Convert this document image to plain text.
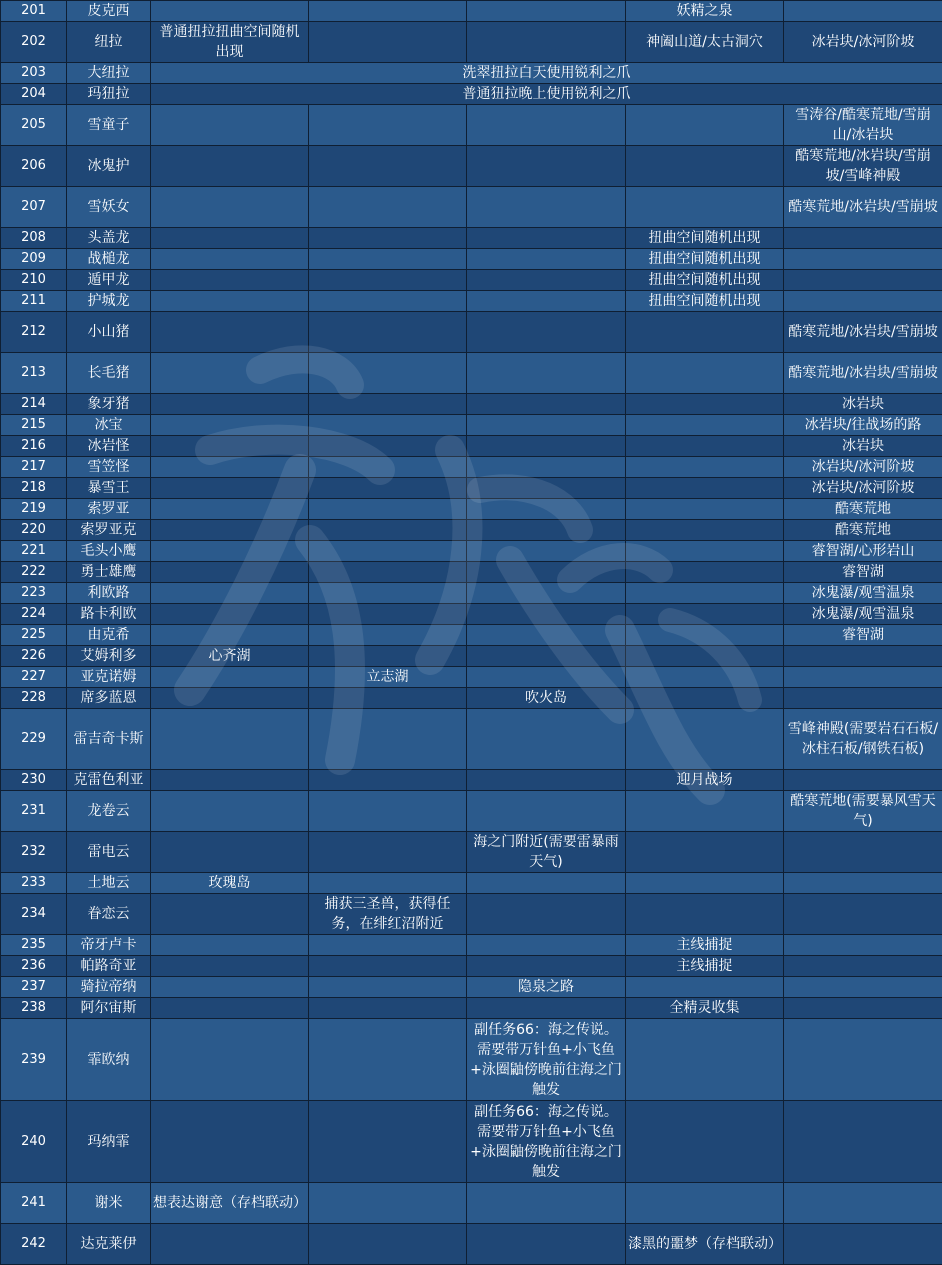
201	皮克西				妖精之泉	
202	纽拉	普通扭拉扭曲空间随机出现			神阖山道/太古洞穴	冰岩块/冰河阶坡
203	大纽拉	洗翠扭拉白天使用锐利之爪				
204	玛狃拉	普通狃拉晚上使用锐利之爪				
205	雪童子					雪涛谷/酷寒荒地/雪崩山/冰岩块
206	冰鬼护					酷寒荒地/冰岩块/雪崩坡/雪峰神殿
207	雪妖女					酷寒荒地/冰岩块/雪崩坡
208	头盖龙				扭曲空间随机出现	
209	战槌龙				扭曲空间随机出现	
210	遁甲龙				扭曲空间随机出现	
211	护城龙				扭曲空间随机出现	
212	小山猪					酷寒荒地/冰岩块/雪崩坡
213	长毛猪					酷寒荒地/冰岩块/雪崩坡
214	象牙猪					冰岩块
215	冰宝					冰岩块/往战场的路
216	冰岩怪					冰岩块
217	雪笠怪					冰岩块/冰河阶坡
218	暴雪王					冰岩块/冰河阶坡
219	索罗亚					酷寒荒地
220	索罗亚克					酷寒荒地
221	毛头小鹰					睿智湖/心形岩山
222	勇士雄鹰					睿智湖
223	利欧路					冰鬼瀑/观雪温泉
224	路卡利欧					冰鬼瀑/观雪温泉
225	由克希					睿智湖
226	艾姆利多	心齐湖				
227	亚克诺姆		立志湖			
228	席多蓝恩			吹火岛		
229	雷吉奇卡斯					雪峰神殿(需要岩石石板/冰柱石板/钢铁石板)
230	克雷色利亚				迎月战场	
231	龙卷云					酷寒荒地(需要暴风雪天气)
232	雷电云			海之门附近(需要雷暴雨天气)		
233	土地云	玫瑰岛				
234	眷恋云		捕获三圣兽，获得任务，在绯红沼附近			
235	帝牙卢卡				主线捕捉	
236	帕路奇亚				主线捕捉	
237	骑拉帝纳			隐泉之路		
238	阿尔宙斯				全精灵收集	
239	霏欧纳			副任务66：海之传说。需要带万针鱼+小飞鱼+泳圈鼬傍晚前往海之门触发		
240	玛纳霏			副任务66：海之传说。需要带万针鱼+小飞鱼+泳圈鼬傍晚前往海之门触发		
241	谢米	想表达谢意（存档联动）				
242	达克莱伊				漆黑的噩梦（存档联动）	
